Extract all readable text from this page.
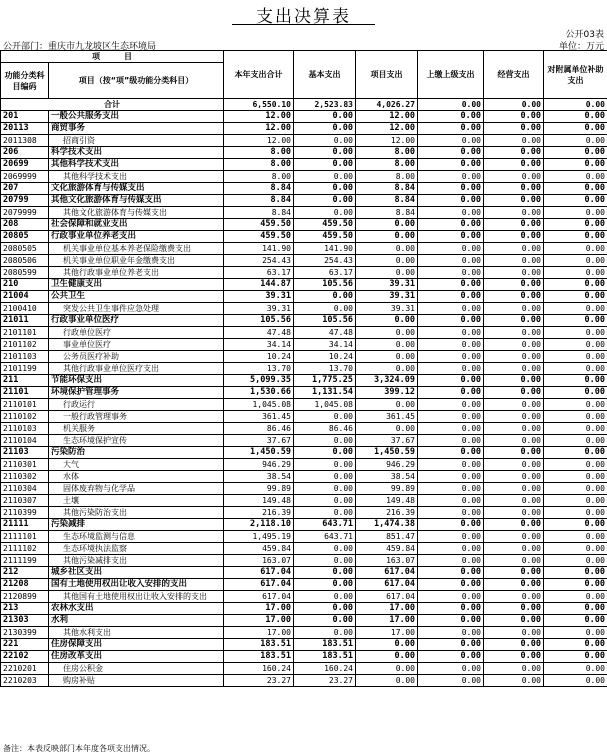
支出决算表
公开03表
公开部门：重庆市九龙坡区生态环境局	单位：万元
项　　　目		本年支出合计	基本支出	项目支出	上缴上级支出	经营支出	对附属单位补助支出
功能分类科目编码	项目（按“项”级功能分类科目）						
合计		6,550.10	2,523.83	4,026.27	0.00	0.00	0.00
201	一般公共服务支出	12.00	0.00	12.00	0.00	0.00	0.00
20113	商贸事务	12.00	0.00	12.00	0.00	0.00	0.00
2011308	招商引资	12.00	0.00	12.00	0.00	0.00	0.00
206	科学技术支出	8.00	0.00	8.00	0.00	0.00	0.00
20699	其他科学技术支出	8.00	0.00	8.00	0.00	0.00	0.00
2069999	其他科学技术支出	8.00	0.00	8.00	0.00	0.00	0.00
207	文化旅游体育与传媒支出	8.84	0.00	8.84	0.00	0.00	0.00
20799	其他文化旅游体育与传媒支出	8.84	0.00	8.84	0.00	0.00	0.00
2079999	其他文化旅游体育与传媒支出	8.84	0.00	8.84	0.00	0.00	0.00
208	社会保障和就业支出	459.50	459.50	0.00	0.00	0.00	0.00
20805	行政事业单位养老支出	459.50	459.50	0.00	0.00	0.00	0.00
2080505	机关事业单位基本养老保险缴费支出	141.90	141.90	0.00	0.00	0.00	0.00
2080506	机关事业单位职业年金缴费支出	254.43	254.43	0.00	0.00	0.00	0.00
2080599	其他行政事业单位养老支出	63.17	63.17	0.00	0.00	0.00	0.00
210	卫生健康支出	144.87	105.56	39.31	0.00	0.00	0.00
21004	公共卫生	39.31	0.00	39.31	0.00	0.00	0.00
2100410	突发公共卫生事件应急处理	39.31	0.00	39.31	0.00	0.00	0.00
21011	行政事业单位医疗	105.56	105.56	0.00	0.00	0.00	0.00
2101101	行政单位医疗	47.48	47.48	0.00	0.00	0.00	0.00
2101102	事业单位医疗	34.14	34.14	0.00	0.00	0.00	0.00
2101103	公务员医疗补助	10.24	10.24	0.00	0.00	0.00	0.00
2101199	其他行政事业单位医疗支出	13.70	13.70	0.00	0.00	0.00	0.00
211	节能环保支出	5,099.35	1,775.25	3,324.09	0.00	0.00	0.00
21101	环境保护管理事务	1,530.66	1,131.54	399.12	0.00	0.00	0.00
2110101	行政运行	1,045.08	1,045.08	0.00	0.00	0.00	0.00
2110102	一般行政管理事务	361.45	0.00	361.45	0.00	0.00	0.00
2110103	机关服务	86.46	86.46	0.00	0.00	0.00	0.00
2110104	生态环境保护宣传	37.67	0.00	37.67	0.00	0.00	0.00
21103	污染防治	1,450.59	0.00	1,450.59	0.00	0.00	0.00
2110301	大气	946.29	0.00	946.29	0.00	0.00	0.00
2110302	水体	38.54	0.00	38.54	0.00	0.00	0.00
2110304	固体废弃物与化学品	99.89	0.00	99.89	0.00	0.00	0.00
2110307	土壤	149.48	0.00	149.48	0.00	0.00	0.00
2110399	其他污染防治支出	216.39	0.00	216.39	0.00	0.00	0.00
21111	污染减排	2,118.10	643.71	1,474.38	0.00	0.00	0.00
2111101	生态环境监测与信息	1,495.19	643.71	851.47	0.00	0.00	0.00
2111102	生态环境执法监察	459.84	0.00	459.84	0.00	0.00	0.00
2111199	其他污染减排支出	163.07	0.00	163.07	0.00	0.00	0.00
212	城乡社区支出	617.04	0.00	617.04	0.00	0.00	0.00
21208	国有土地使用权出让收入安排的支出	617.04	0.00	617.04	0.00	0.00	0.00
2120899	其他国有土地使用权出让收入安排的支出	617.04	0.00	617.04	0.00	0.00	0.00
213	农林水支出	17.00	0.00	17.00	0.00	0.00	0.00
21303	水利	17.00	0.00	17.00	0.00	0.00	0.00
2130399	其他水利支出	17.00	0.00	17.00	0.00	0.00	0.00
221	住房保障支出	183.51	183.51	0.00	0.00	0.00	0.00
22102	住房改革支出	183.51	183.51	0.00	0.00	0.00	0.00
2210201	住房公积金	160.24	160.24	0.00	0.00	0.00	0.00
2210203	购房补贴	23.27	23.27	0.00	0.00	0.00	0.00
备注：本表反映部门本年度各项支出情况。
